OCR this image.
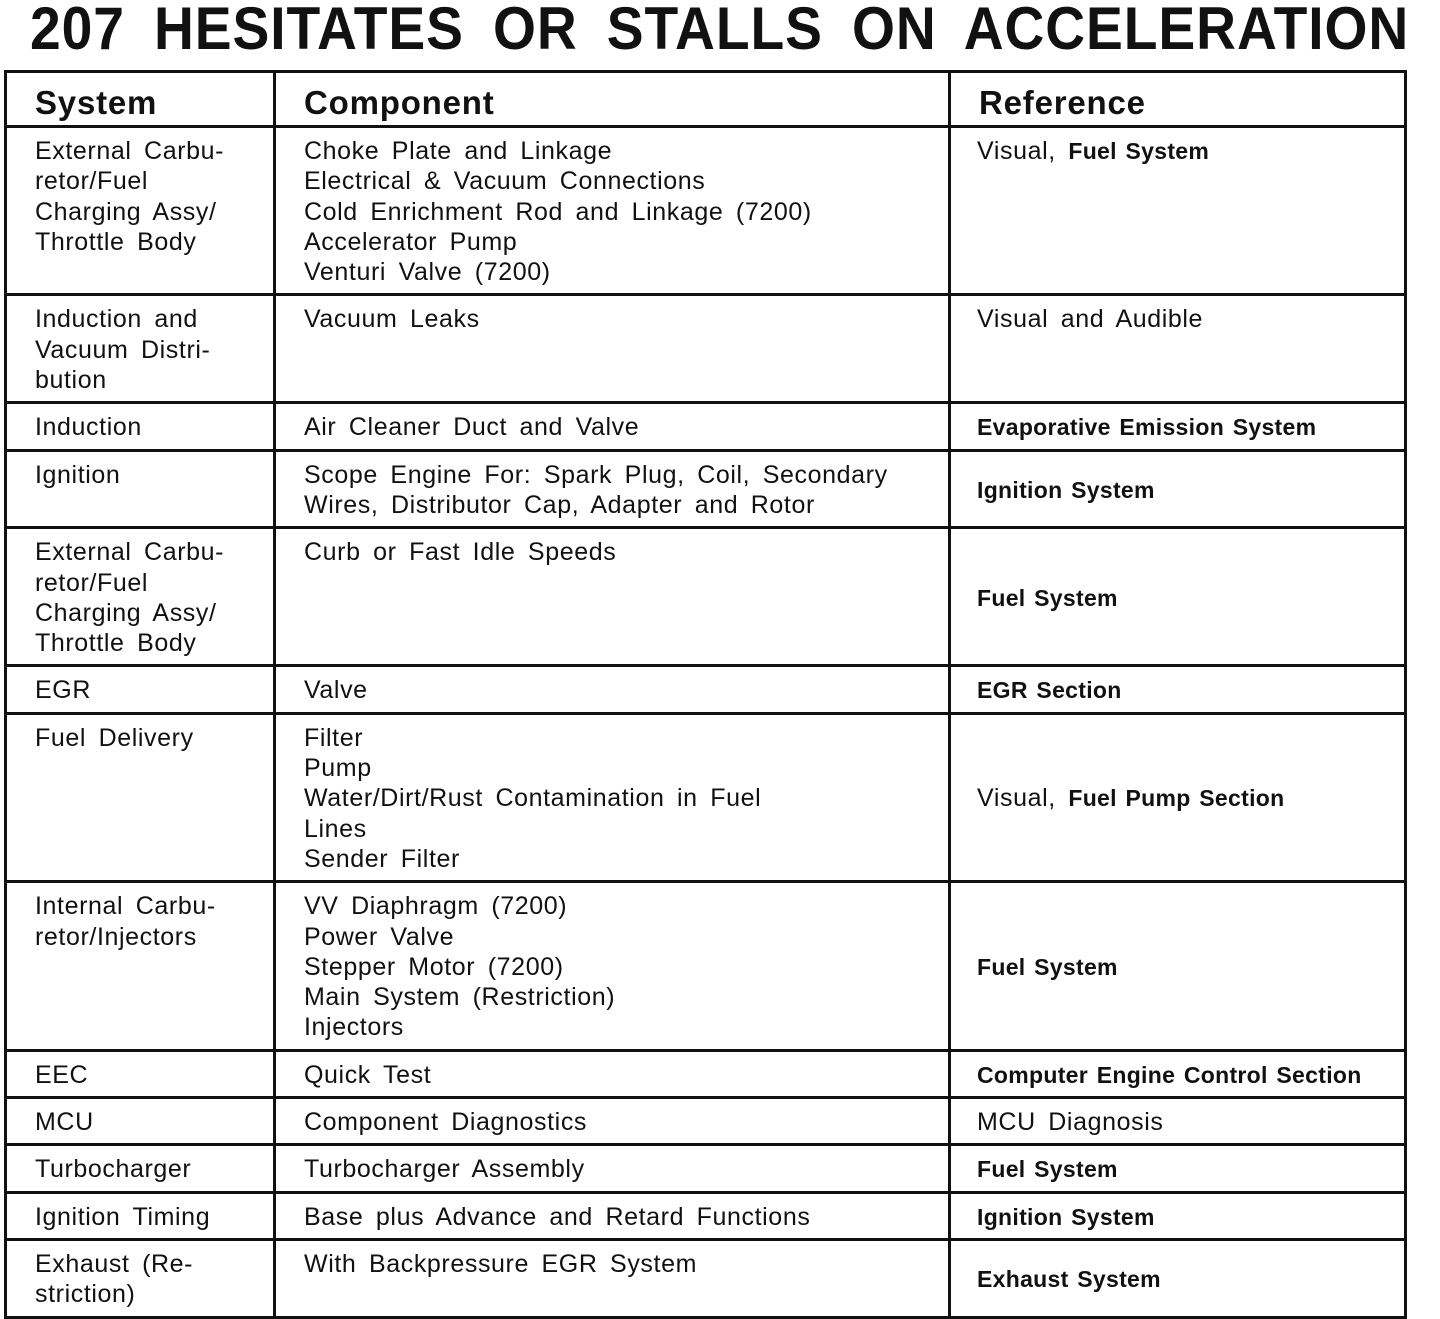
207 HESITATES OR STALLS ON ACCELERATION
System	Component	Reference

External Carbu-
retor/Fuel
Charging Assy/
Throttle Body	Choke Plate and Linkage
Electrical & Vacuum Connections
Cold Enrichment Rod and Linkage (7200)
Accelerator Pump
Venturi Valve (7200)	Visual, Fuel System

Induction and
Vacuum Distri-
bution	Vacuum Leaks	Visual and Audible

Induction	Air Cleaner Duct and Valve	Evaporative Emission System

Ignition	Scope Engine For: Spark Plug, Coil, Secondary
Wires, Distributor Cap, Adapter and Rotor	Ignition System

External Carbu-
retor/Fuel
Charging Assy/
Throttle Body	Curb or Fast Idle Speeds	Fuel System

EGR	Valve	EGR Section

Fuel Delivery	Filter
Pump
Water/Dirt/Rust Contamination in Fuel
Lines
Sender Filter	Visual, Fuel Pump Section

Internal Carbu-
retor/Injectors	VV Diaphragm (7200)
Power Valve
Stepper Motor (7200)
Main System (Restriction)
Injectors	Fuel System

EEC	Quick Test	Computer Engine Control Section

MCU	Component Diagnostics	MCU Diagnosis

Turbocharger	Turbocharger Assembly	Fuel System

Ignition Timing	Base plus Advance and Retard Functions	Ignition System

Exhaust (Re-
striction)	With Backpressure EGR System	Exhaust System
